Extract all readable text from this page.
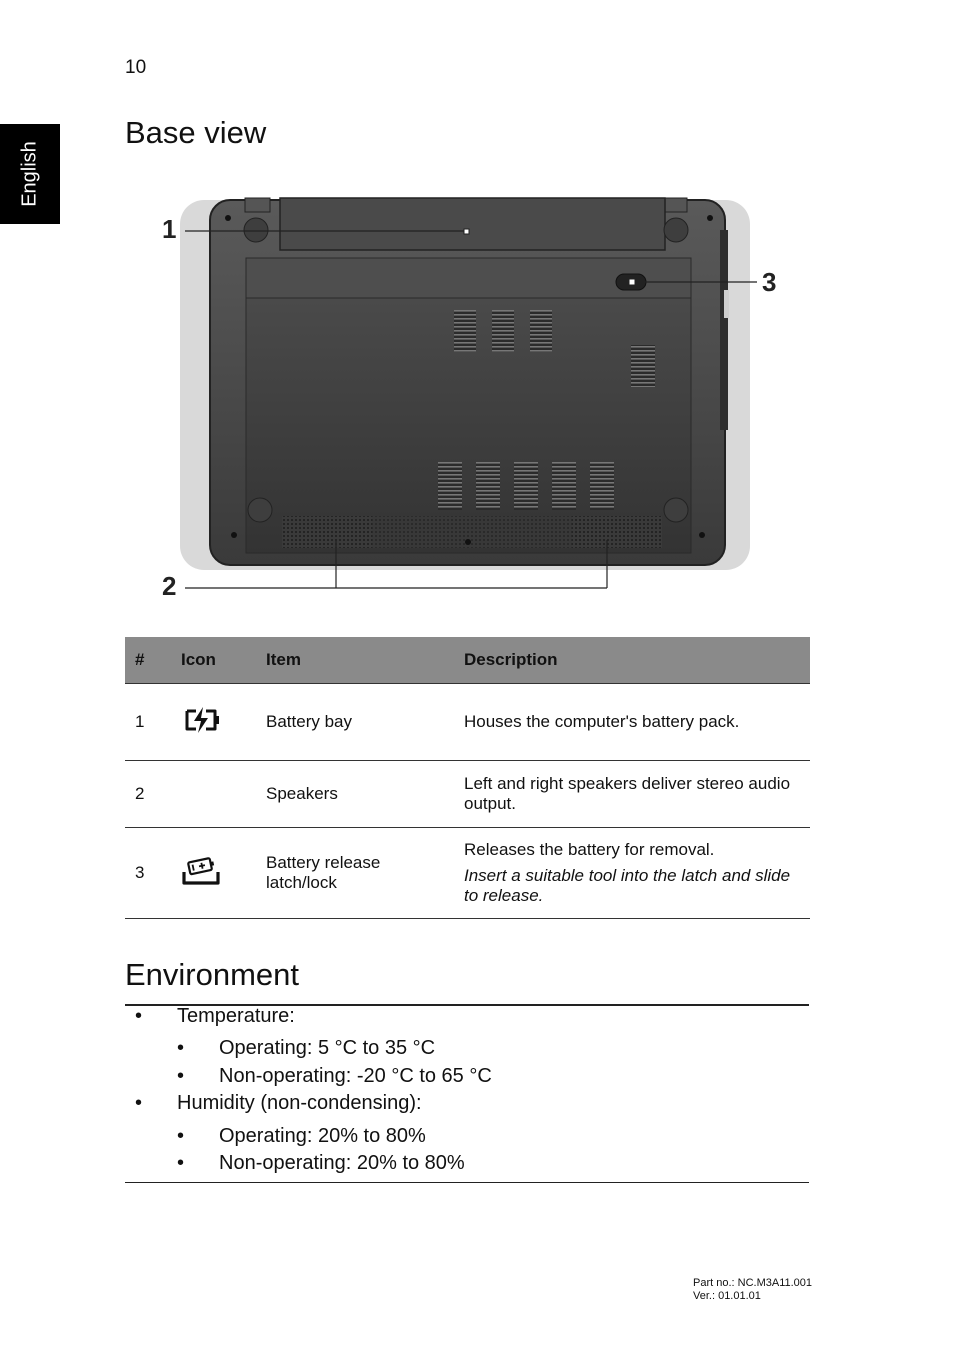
10
English
Base view
1
2
3
#	Icon	Item	Description
1		Battery bay	Houses the computer's battery pack.
2		Speakers	Left and right speakers deliver stereo audio output.
3		Battery release latch/lock	Releases the battery for removal.
Insert a suitable tool into the latch and slide to release.
Environment
• Temperature:
• Operating: 5 °C to 35 °C
• Non-operating: -20 °C to 65 °C
• Humidity (non-condensing):
• Operating: 20% to 80%
• Non-operating: 20% to 80%
Part no.: NC.M3A11.001
Ver.: 01.01.01
